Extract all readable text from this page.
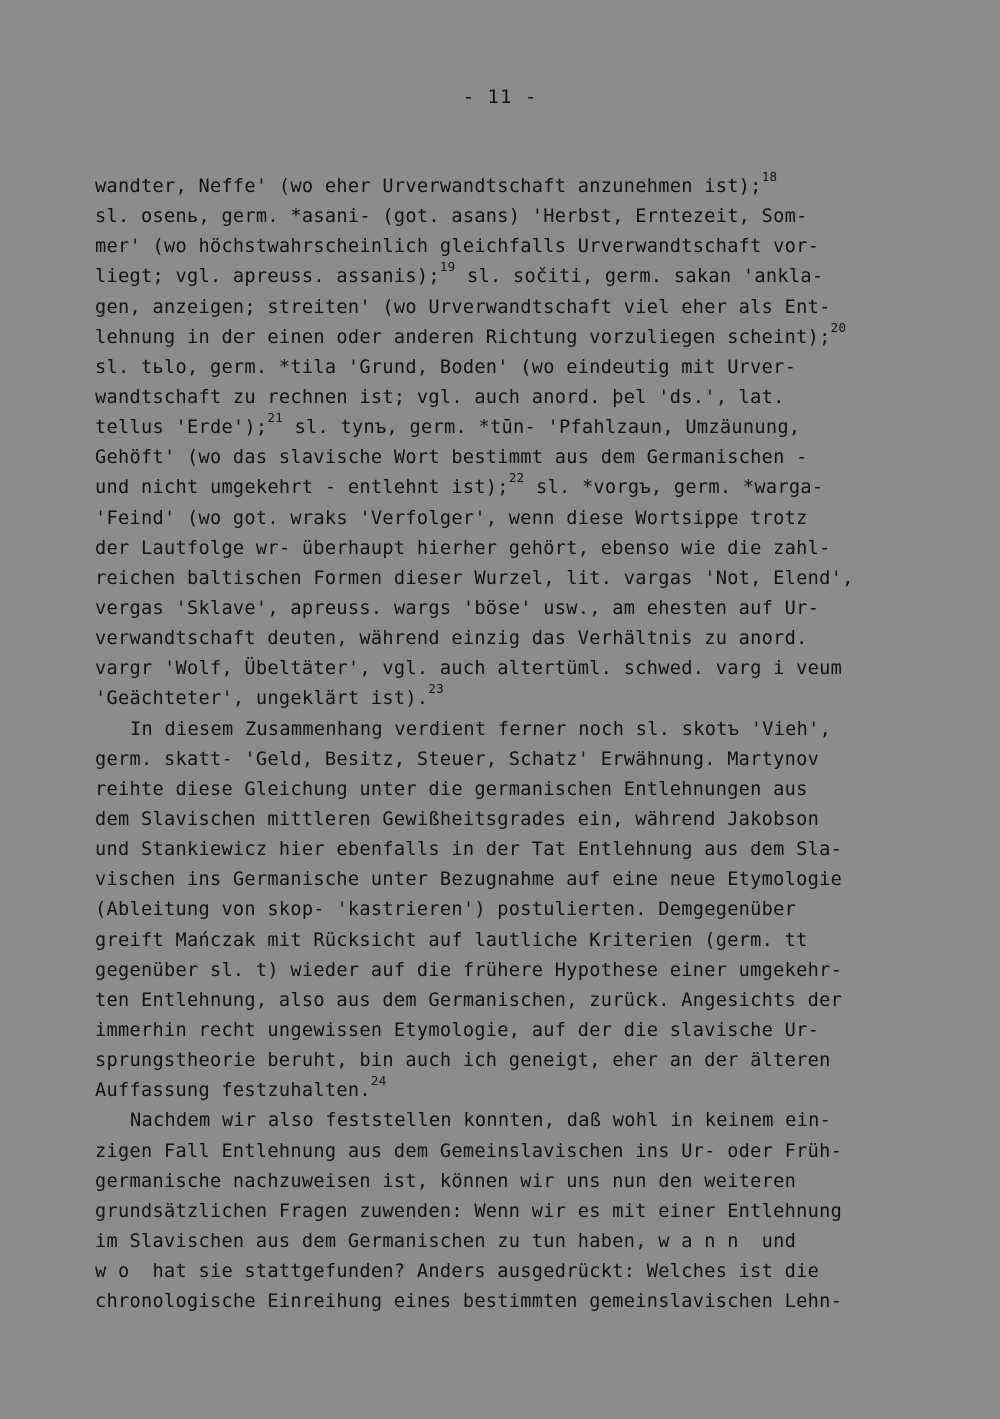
- 11 -
wandter, Neffe' (wo eher Urverwandtschaft anzunehmen ist);$^{18}$
sl. osenь, germ. *asani- (got. asans) 'Herbst, Erntezeit, Som-
mer' (wo höchstwahrscheinlich gleichfalls Urverwandtschaft vor-
liegt; vgl. apreuss. assanis);$^{19}$ sl. sočiti, germ. sakan 'ankla-
gen, anzeigen; streiten' (wo Urverwandtschaft viel eher als Ent-
lehnung in der einen oder anderen Richtung vorzuliegen scheint);$^{20}$
sl. tьlo, germ. *tila 'Grund, Boden' (wo eindeutig mit Urver-
wandtschaft zu rechnen ist; vgl. auch anord. þel 'ds.', lat.
tellus 'Erde');$^{21}$ sl. tynъ, germ. *tūn- 'Pfahlzaun, Umzäunung,
Gehöft' (wo das slavische Wort bestimmt aus dem Germanischen -
und nicht umgekehrt - entlehnt ist);$^{22}$ sl. *vorgъ, germ. *warga-
'Feind' (wo got. wraks 'Verfolger', wenn diese Wortsippe trotz
der Lautfolge wr- überhaupt hierher gehört, ebenso wie die zahl-
reichen baltischen Formen dieser Wurzel, lit. vargas 'Not, Elend',
vergas 'Sklave', apreuss. wargs 'böse' usw., am ehesten auf Ur-
verwandtschaft deuten, während einzig das Verhältnis zu anord.
vargr 'Wolf, Übeltäter', vgl. auch altertüml. schwed. varg i veum
'Geächteter', ungeklärt ist).$^{23}$
In diesem Zusammenhang verdient ferner noch sl. skotъ 'Vieh',
germ. skatt- 'Geld, Besitz, Steuer, Schatz' Erwähnung. Martynov
reihte diese Gleichung unter die germanischen Entlehnungen aus
dem Slavischen mittleren Gewißheitsgrades ein, während Jakobson
und Stankiewicz hier ebenfalls in der Tat Entlehnung aus dem Sla-
vischen ins Germanische unter Bezugnahme auf eine neue Etymologie
(Ableitung von skop- 'kastrieren') postulierten. Demgegenüber
greift Mańczak mit Rücksicht auf lautliche Kriterien (germ. tt
gegenüber sl. t) wieder auf die frühere Hypothese einer umgekehr-
ten Entlehnung, also aus dem Germanischen, zurück. Angesichts der
immerhin recht ungewissen Etymologie, auf der die slavische Ur-
sprungstheorie beruht, bin auch ich geneigt, eher an der älteren
Auffassung festzuhalten.$^{24}$
Nachdem wir also feststellen konnten, daß wohl in keinem ein-
zigen Fall Entlehnung aus dem Gemeinslavischen ins Ur- oder Früh-
germanische nachzuweisen ist, können wir uns nun den weiteren
grundsätzlichen Fragen zuwenden: Wenn wir es mit einer Entlehnung
im Slavischen aus dem Germanischen zu tun haben, w a n n  und
w o  hat sie stattgefunden? Anders ausgedrückt: Welches ist die
chronologische Einreihung eines bestimmten gemeinslavischen Lehn-
